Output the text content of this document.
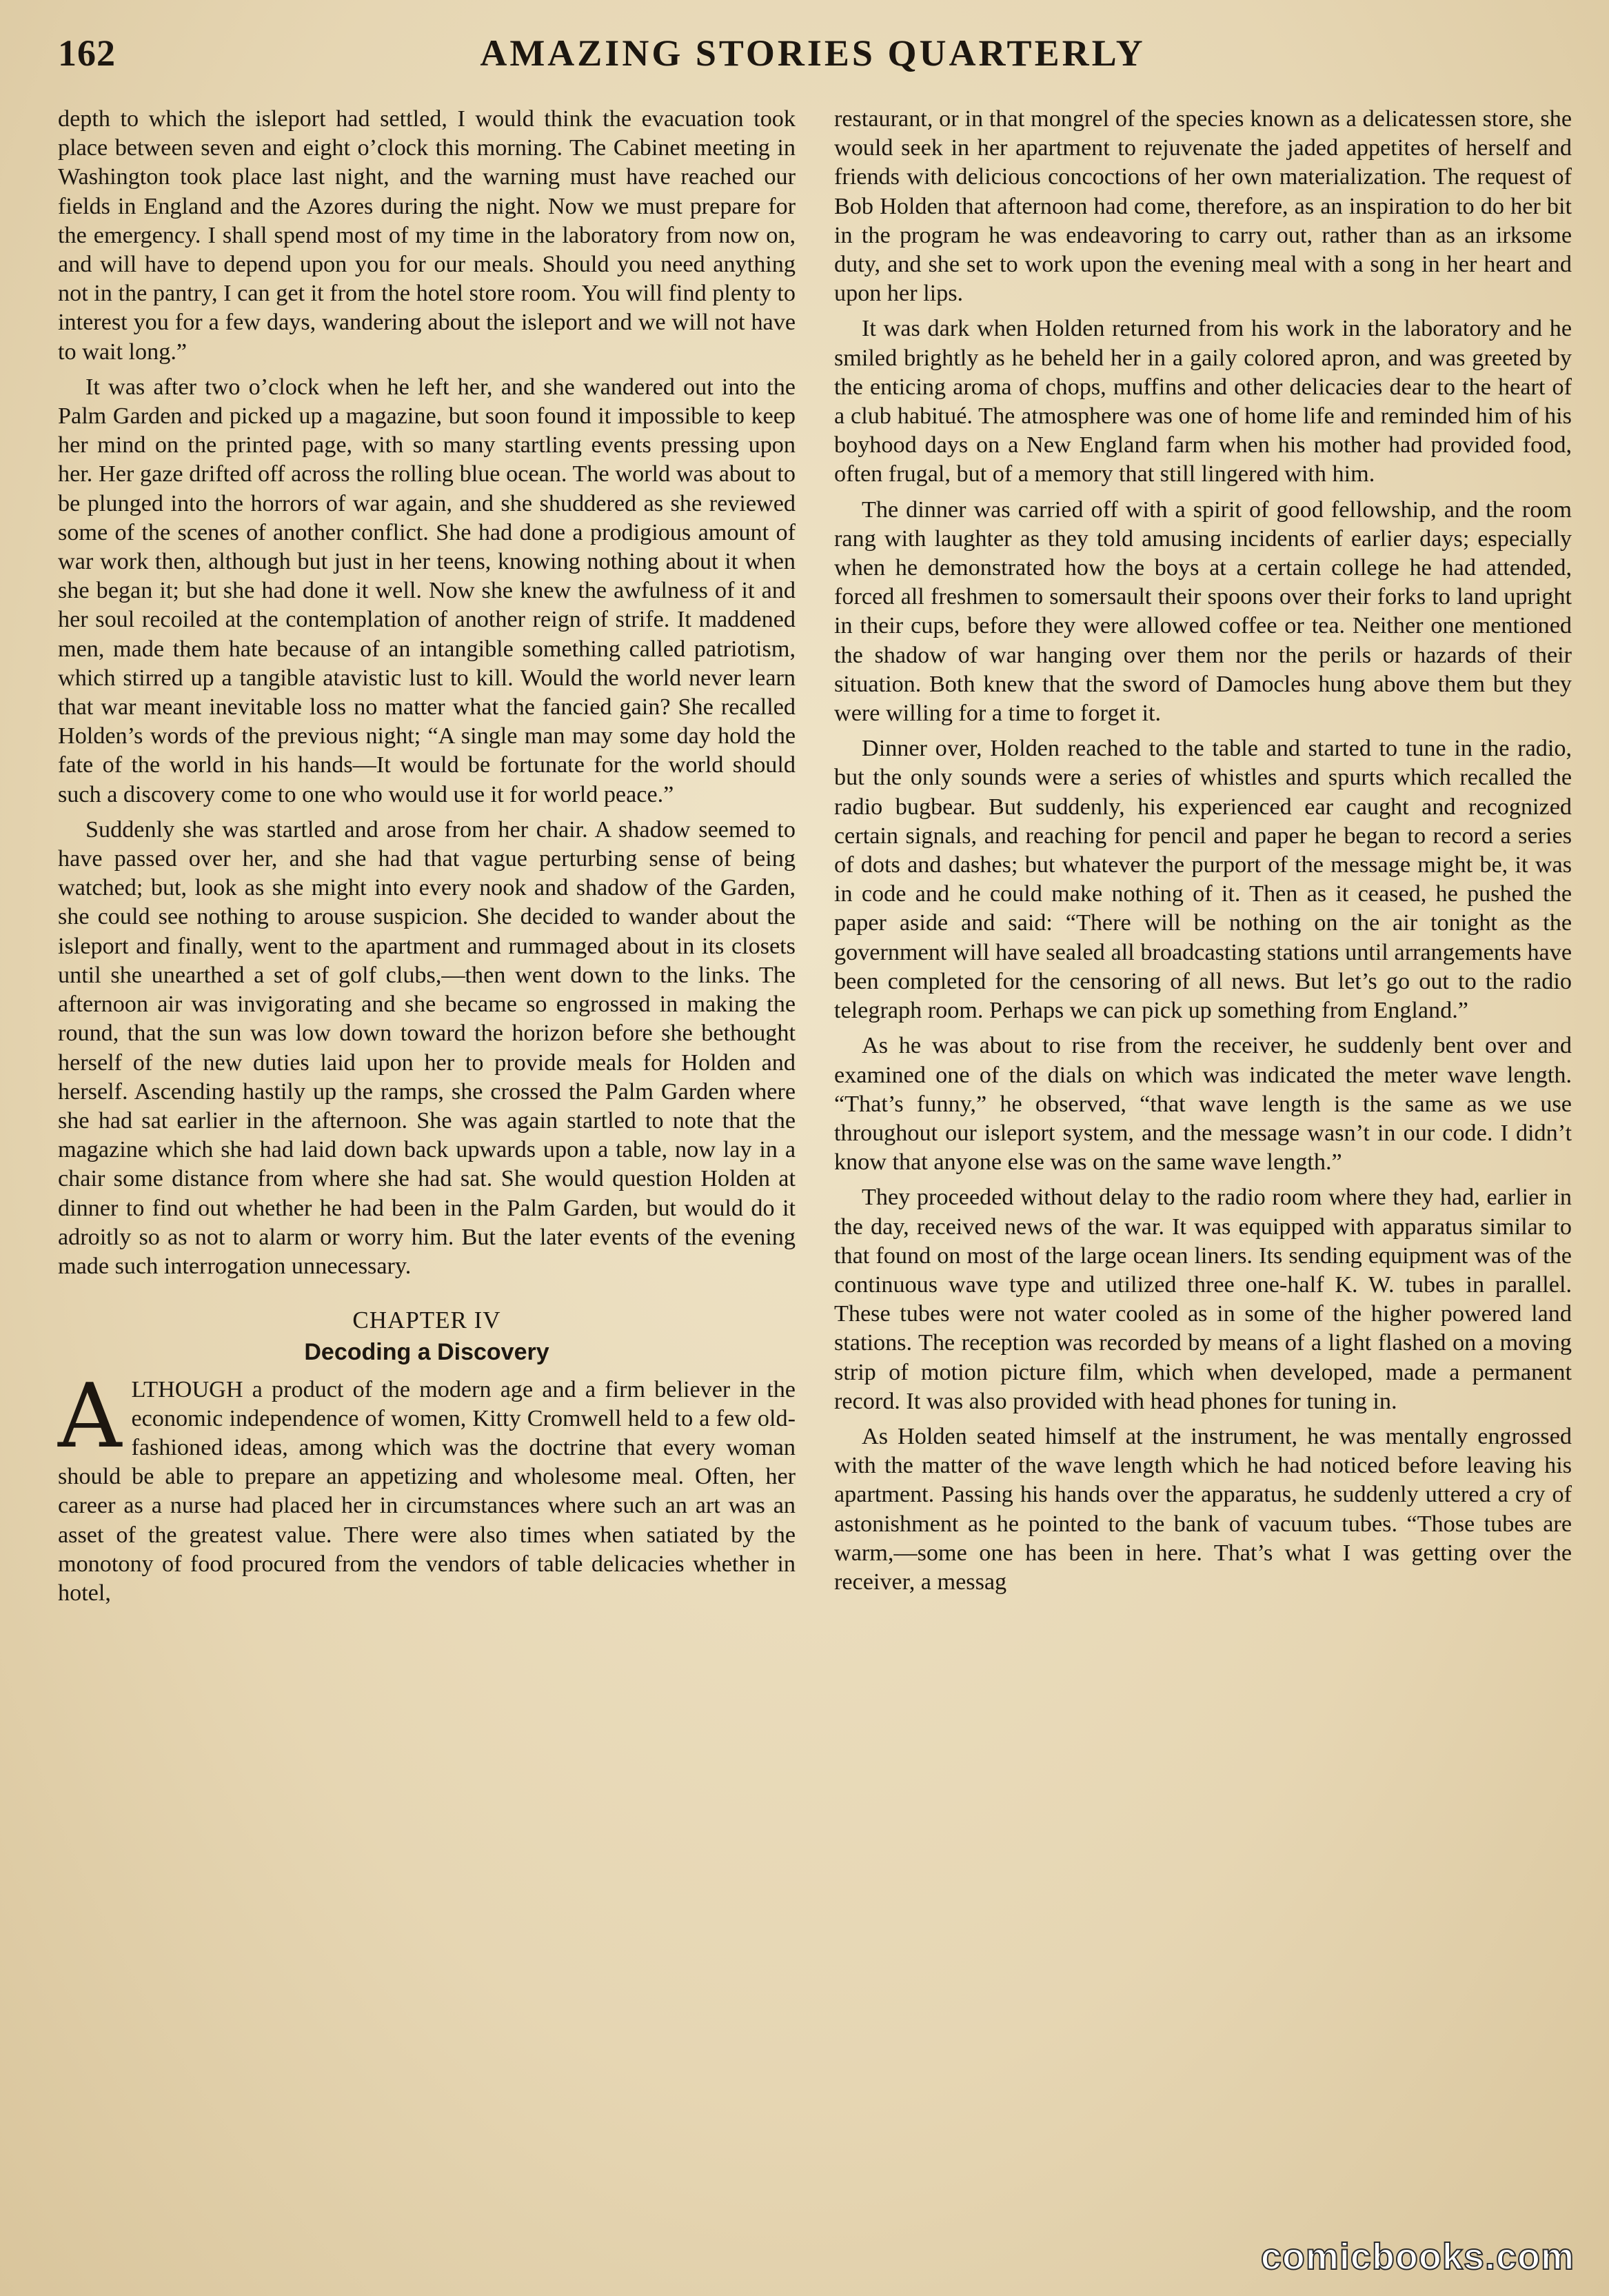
162	AMAZING STORIES QUARTERLY

depth to which the isleport had settled, I would think the evacuation took place between seven and eight o’clock this morning. The Cabinet meeting in Washington took place last night, and the warning must have reached our fields in England and the Azores during the night. Now we must prepare for the emergency. I shall spend most of my time in the laboratory from now on, and will have to depend upon you for our meals. Should you need anything not in the pantry, I can get it from the hotel store room. You will find plenty to interest you for a few days, wandering about the isleport and we will not have to wait long.”

It was after two o’clock when he left her, and she wandered out into the Palm Garden and picked up a magazine, but soon found it impossible to keep her mind on the printed page, with so many startling events pressing upon her. Her gaze drifted off across the rolling blue ocean. The world was about to be plunged into the horrors of war again, and she shuddered as she reviewed some of the scenes of another conflict. She had done a prodigious amount of war work then, although but just in her teens, knowing nothing about it when she began it; but she had done it well. Now she knew the awfulness of it and her soul recoiled at the contemplation of another reign of strife. It maddened men, made them hate because of an intangible something called patriotism, which stirred up a tangible atavistic lust to kill. Would the world never learn that war meant inevitable loss no matter what the fancied gain? She recalled Holden’s words of the previous night; “A single man may some day hold the fate of the world in his hands—It would be fortunate for the world should such a discovery come to one who would use it for world peace.”

Suddenly she was startled and arose from her chair. A shadow seemed to have passed over her, and she had that vague perturbing sense of being watched; but, look as she might into every nook and shadow of the Garden, she could see nothing to arouse suspicion. She decided to wander about the isleport and finally, went to the apartment and rummaged about in its closets until she unearthed a set of golf clubs,—then went down to the links. The afternoon air was invigorating and she became so engrossed in making the round, that the sun was low down toward the horizon before she bethought herself of the new duties laid upon her to provide meals for Holden and herself. Ascending hastily up the ramps, she crossed the Palm Garden where she had sat earlier in the afternoon. She was again startled to note that the magazine which she had laid down back upwards upon a table, now lay in a chair some distance from where she had sat. She would question Holden at dinner to find out whether he had been in the Palm Garden, but would do it adroitly so as not to alarm or worry him. But the later events of the evening made such interrogation unnecessary.

CHAPTER IV
Decoding a Discovery

ALTHOUGH a product of the modern age and a firm believer in the economic independence of women, Kitty Cromwell held to a few old-fashioned ideas, among which was the doctrine that every woman should be able to prepare an appetizing and wholesome meal. Often, her career as a nurse had placed her in circumstances where such an art was an asset of the greatest value. There were also times when satiated by the monotony of food procured from the vendors of table delicacies whether in hotel,

restaurant, or in that mongrel of the species known as a delicatessen store, she would seek in her apartment to rejuvenate the jaded appetites of herself and friends with delicious concoctions of her own materialization. The request of Bob Holden that afternoon had come, therefore, as an inspiration to do her bit in the program he was endeavoring to carry out, rather than as an irksome duty, and she set to work upon the evening meal with a song in her heart and upon her lips.

It was dark when Holden returned from his work in the laboratory and he smiled brightly as he beheld her in a gaily colored apron, and was greeted by the enticing aroma of chops, muffins and other delicacies dear to the heart of a club habitué. The atmosphere was one of home life and reminded him of his boyhood days on a New England farm when his mother had provided food, often frugal, but of a memory that still lingered with him.

The dinner was carried off with a spirit of good fellowship, and the room rang with laughter as they told amusing incidents of earlier days; especially when he demonstrated how the boys at a certain college he had attended, forced all freshmen to somersault their spoons over their forks to land upright in their cups, before they were allowed coffee or tea. Neither one mentioned the shadow of war hanging over them nor the perils or hazards of their situation. Both knew that the sword of Damocles hung above them but they were willing for a time to forget it.

Dinner over, Holden reached to the table and started to tune in the radio, but the only sounds were a series of whistles and spurts which recalled the radio bugbear. But suddenly, his experienced ear caught and recognized certain signals, and reaching for pencil and paper he began to record a series of dots and dashes; but whatever the purport of the message might be, it was in code and he could make nothing of it. Then as it ceased, he pushed the paper aside and said: “There will be nothing on the air tonight as the government will have sealed all broadcasting stations until arrangements have been completed for the censoring of all news. But let’s go out to the radio telegraph room. Perhaps we can pick up something from England.”

As he was about to rise from the receiver, he suddenly bent over and examined one of the dials on which was indicated the meter wave length. “That’s funny,” he observed, “that wave length is the same as we use throughout our isleport system, and the message wasn’t in our code. I didn’t know that anyone else was on the same wave length.”

They proceeded without delay to the radio room where they had, earlier in the day, received news of the war. It was equipped with apparatus similar to that found on most of the large ocean liners. Its sending equipment was of the continuous wave type and utilized three one-half K. W. tubes in parallel. These tubes were not water cooled as in some of the higher powered land stations. The reception was recorded by means of a light flashed on a moving strip of motion picture film, which when developed, made a permanent record. It was also provided with head phones for tuning in.

As Holden seated himself at the instrument, he was mentally engrossed with the matter of the wave length which he had noticed before leaving his apartment. Passing his hands over the apparatus, he suddenly uttered a cry of astonishment as he pointed to the bank of vacuum tubes. “Those tubes are warm,—some one has been in here. That’s what I was getting over the receiver, a messag

comicbooks.com
